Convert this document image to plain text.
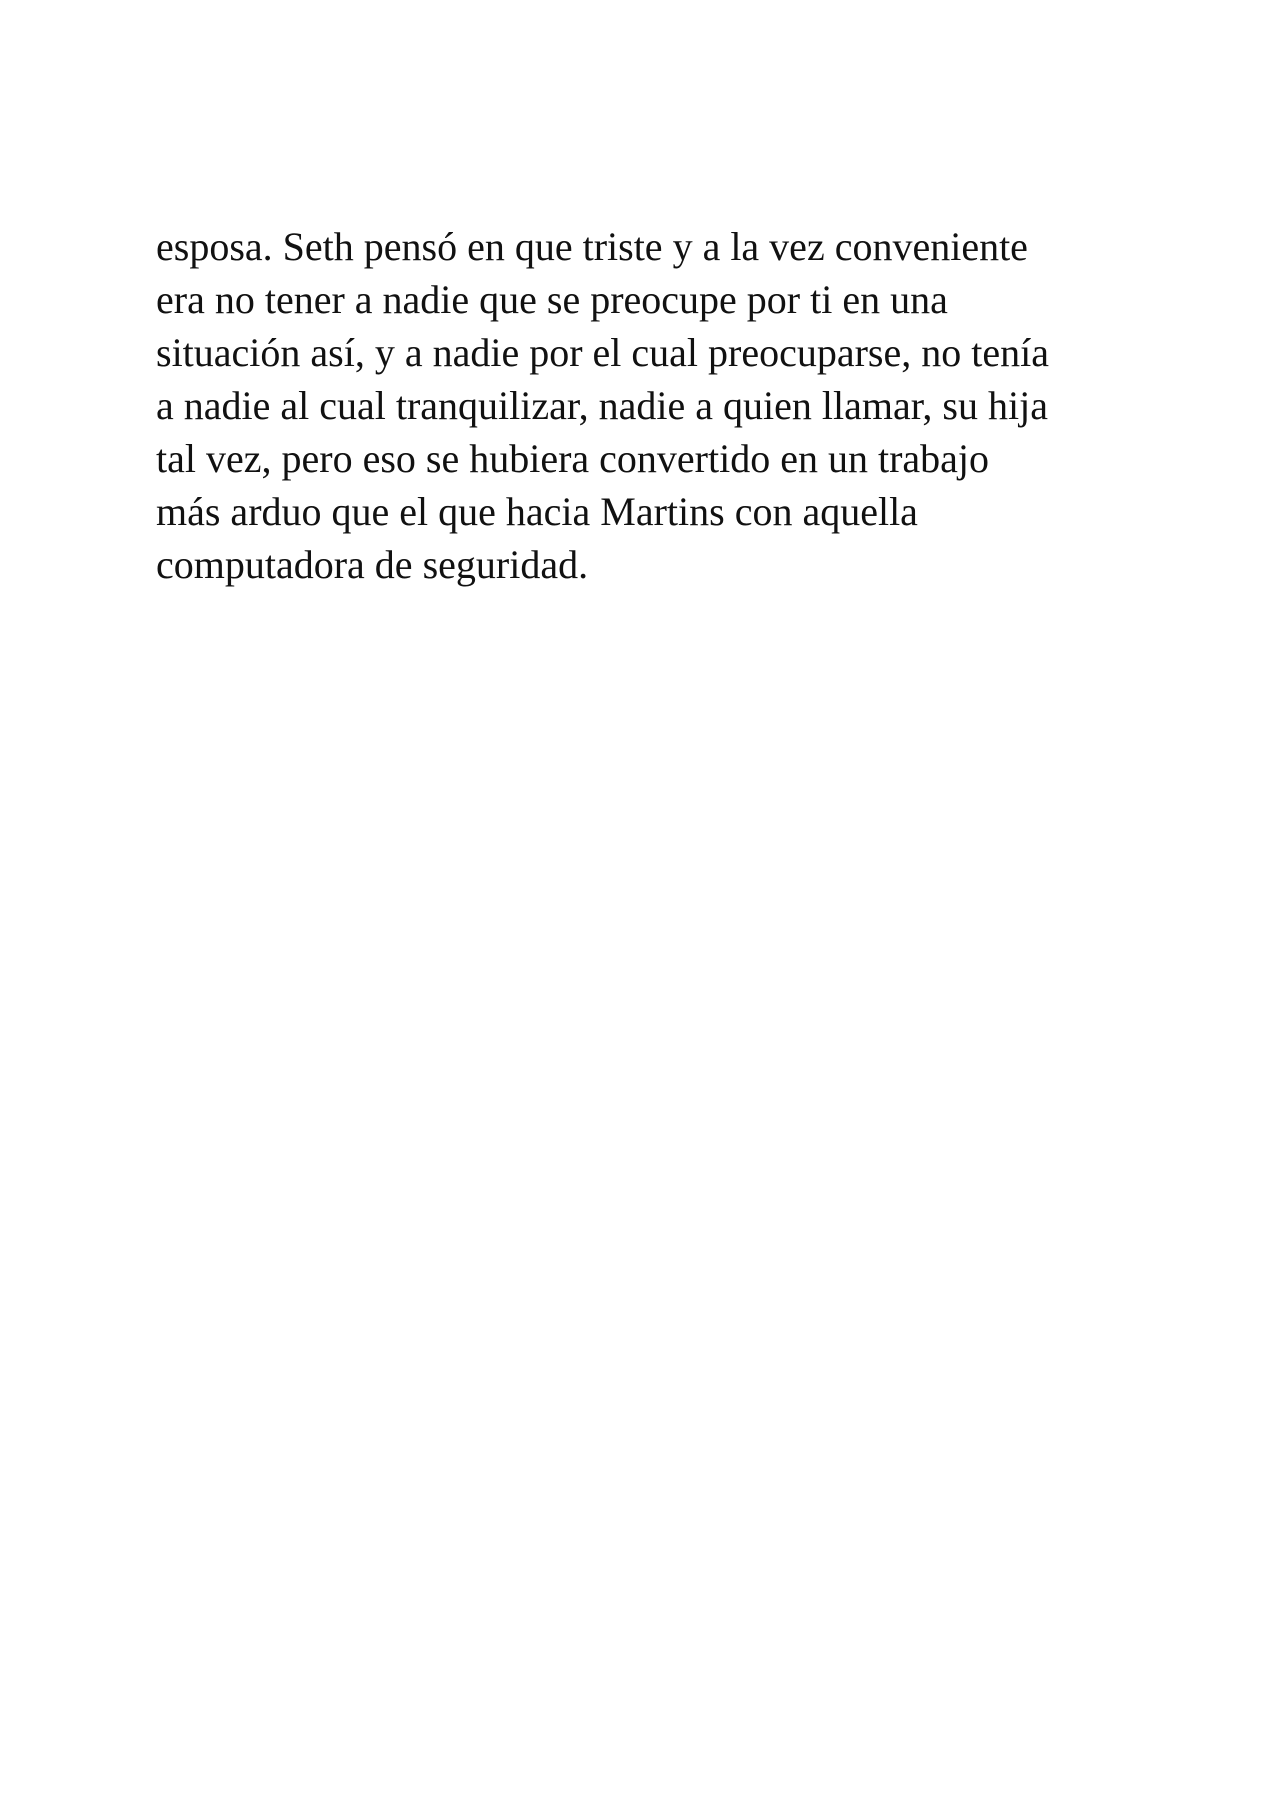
esposa. Seth pensó en que triste y a la vez conveniente
era no tener a nadie que se preocupe por ti en una
situación así, y a nadie por el cual preocuparse, no tenía
a nadie al cual tranquilizar, nadie a quien llamar, su hija
tal vez, pero eso se hubiera convertido en un trabajo
más arduo que el que hacia Martins con aquella
computadora de seguridad.
